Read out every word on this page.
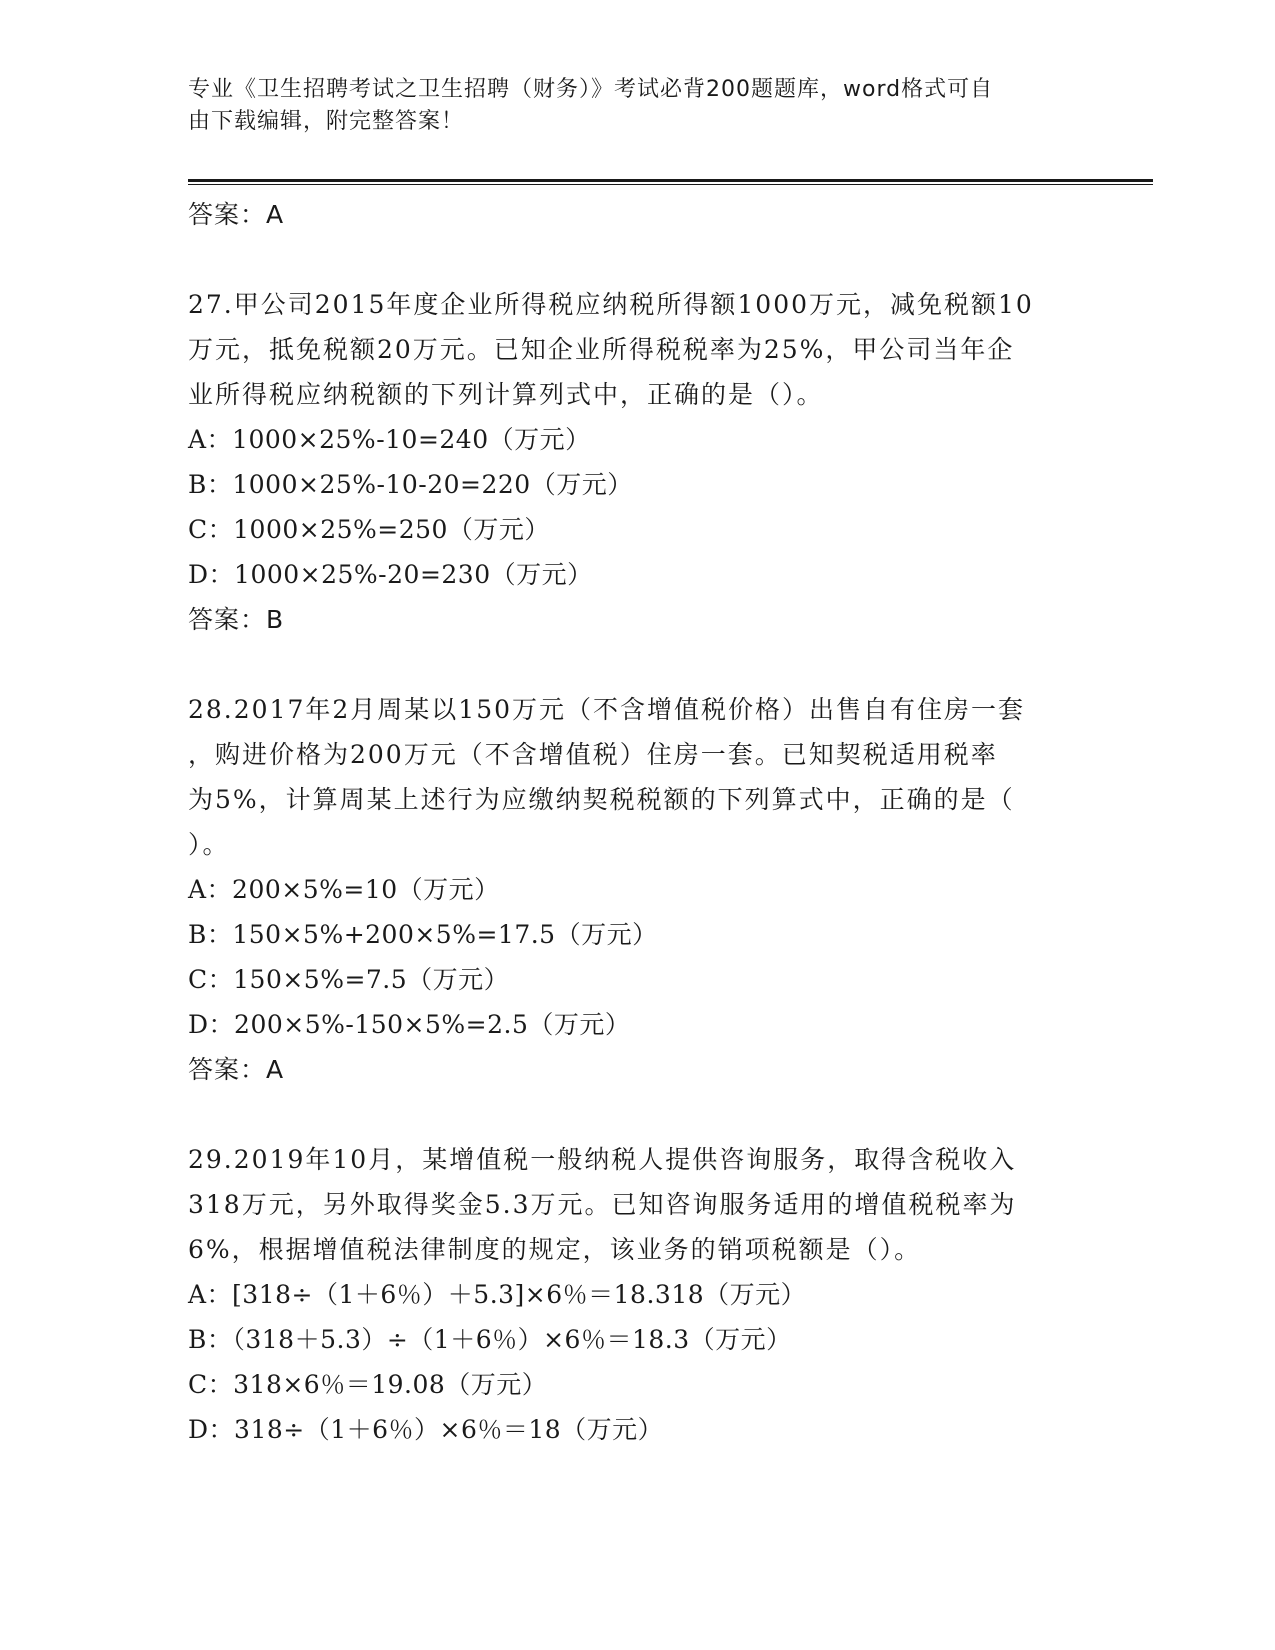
专业《卫生招聘考试之卫生招聘（财务）》考试必背200题题库，word格式可自
由下载编辑，附完整答案！
答案：A
27.甲公司2015年度企业所得税应纳税所得额1000万元，减免税额10
万元，抵免税额20万元。已知企业所得税税率为25%，甲公司当年企
业所得税应纳税额的下列计算列式中，正确的是（）。
A：1000×25%-10=240（万元）
B：1000×25%-10-20=220（万元）
C：1000×25%=250（万元）
D：1000×25%-20=230（万元）
答案：B
28.2017年2月周某以150万元（不含增值税价格）出售自有住房一套
，购进价格为200万元（不含增值税）住房一套。已知契税适用税率
为5%，计算周某上述行为应缴纳契税税额的下列算式中，正确的是（
）。
A：200×5%=10（万元）
B：150×5%+200×5%=17.5（万元）
C：150×5%=7.5（万元）
D：200×5%-150×5%=2.5（万元）
答案：A
29.2019年10月，某增值税一般纳税人提供咨询服务，取得含税收入
318万元，另外取得奖金5.3万元。已知咨询服务适用的增值税税率为
6%，根据增值税法律制度的规定，该业务的销项税额是（）。
A：[318÷（1＋6％）＋5.3]×6％＝18.318（万元）
B：（318＋5.3）÷（1＋6％）×6％＝18.3（万元）
C：318×6％＝19.08（万元）
D：318÷（1＋6％）×6％＝18（万元）
